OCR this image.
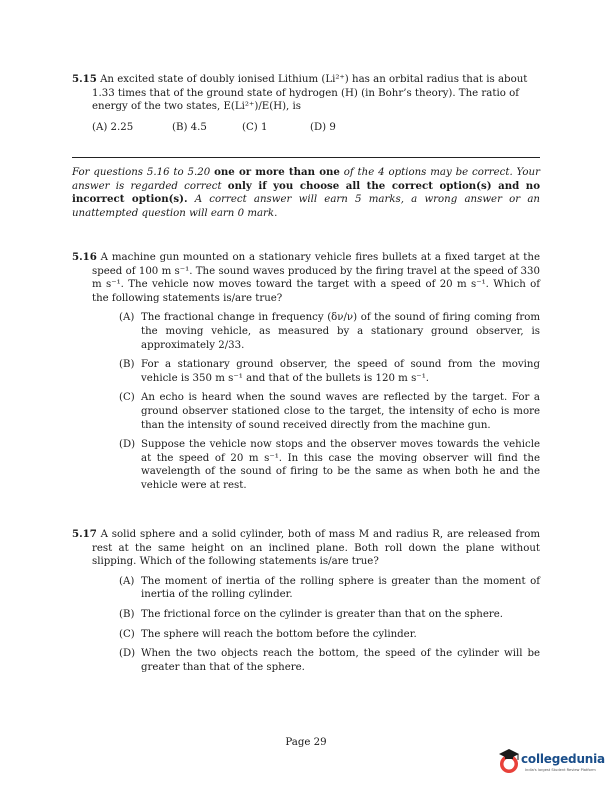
5.15 An excited state of doubly ionised Lithium (Li²⁺) has an orbital radius that is about
1.33 times that of the ground state of hydrogen (H) (in Bohr’s theory). The ratio of
energy of the two states, E(Li²⁺)/E(H), is
(A) 2.25	(B) 4.5	(C) 1	(D) 9
For questions 5.16 to 5.20 one or more than one of the 4 options may be correct. Your answer is regarded correct only if you choose all the correct option(s) and no incorrect option(s). A correct answer will earn 5 marks, a wrong answer or an unattempted question will earn 0 mark.
5.16 A machine gun mounted on a stationary vehicle fires bullets at a fixed target at the speed of 100 m s⁻¹. The sound waves produced by the firing travel at the speed of 330 m s⁻¹. The vehicle now moves toward the target with a speed of 20 m s⁻¹. Which of the following statements is/are true?
(A) The fractional change in frequency (δν/ν) of the sound of firing coming from the moving vehicle, as measured by a stationary ground observer, is approximately 2/33.
(B) For a stationary ground observer, the speed of sound from the moving vehicle is 350 m s⁻¹ and that of the bullets is 120 m s⁻¹.
(C) An echo is heard when the sound waves are reflected by the target. For a ground observer stationed close to the target, the intensity of echo is more than the intensity of sound received directly from the machine gun.
(D) Suppose the vehicle now stops and the observer moves towards the vehicle at the speed of 20 m s⁻¹. In this case the moving observer will find the wavelength of the sound of firing to be the same as when both he and the vehicle were at rest.
5.17 A solid sphere and a solid cylinder, both of mass M and radius R, are released from rest at the same height on an inclined plane. Both roll down the plane without slipping. Which of the following statements is/are true?
(A) The moment of inertia of the rolling sphere is greater than the moment of inertia of the rolling cylinder.
(B) The frictional force on the cylinder is greater than that on the sphere.
(C) The sphere will reach the bottom before the cylinder.
(D) When the two objects reach the bottom, the speed of the cylinder will be greater than that of the sphere.
Page 29
collegedunia
India's largest Student Review Platform
